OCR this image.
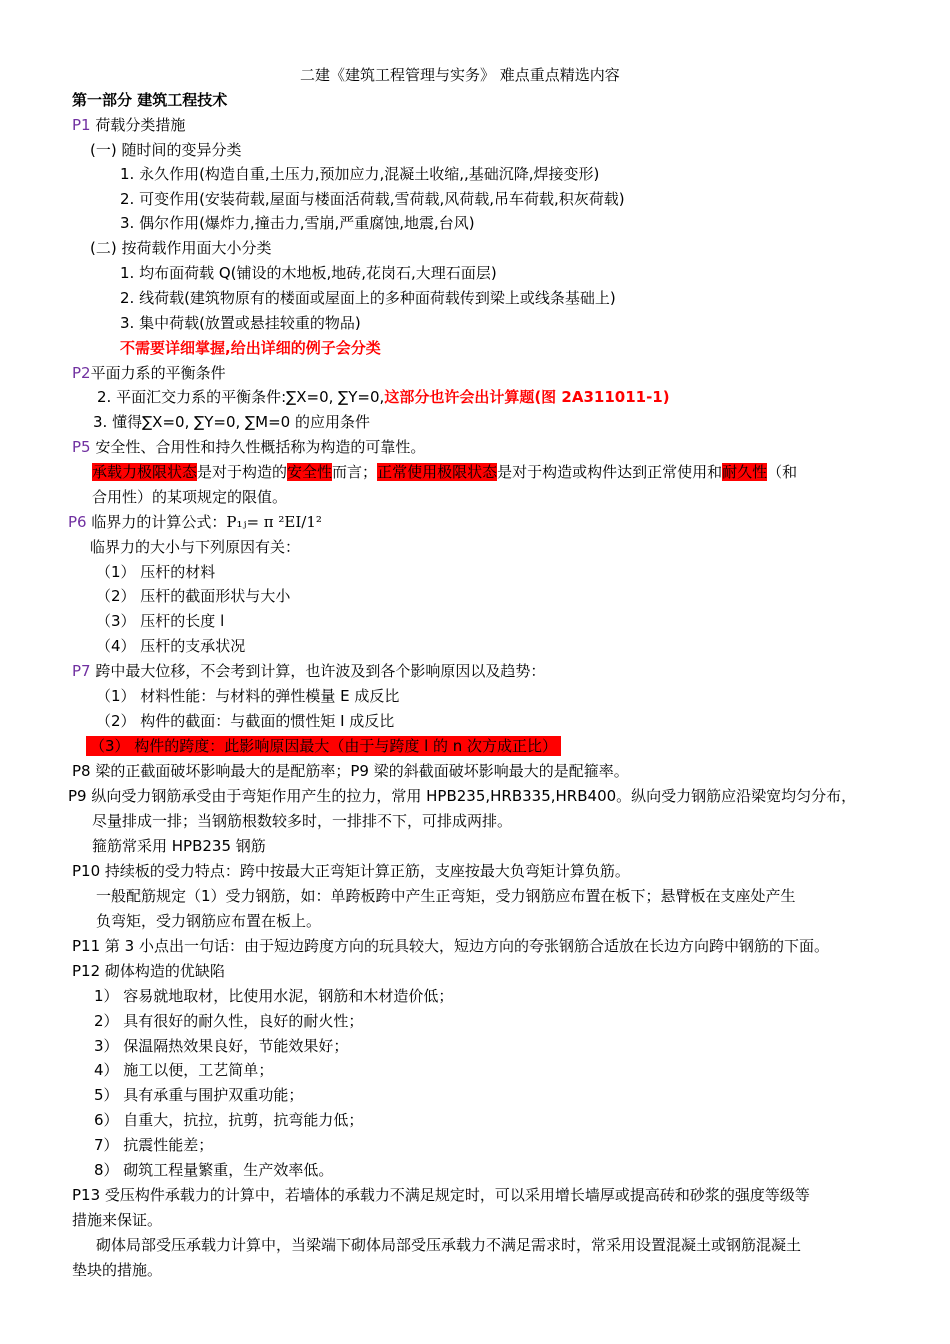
二建《建筑工程管理与实务》 难点重点精选内容
第一部分 建筑工程技术
P1 荷载分类措施
(一) 随时间的变异分类
1. 永久作用(构造自重,土压力,预加应力,混凝土收缩,,基础沉降,焊接变形)
2. 可变作用(安装荷载,屋面与楼面活荷载,雪荷载,风荷载,吊车荷载,积灰荷载)
3. 偶尔作用(爆炸力,撞击力,雪崩,严重腐蚀,地震,台风)
(二) 按荷载作用面大小分类
1. 均布面荷载 Q(铺设的木地板,地砖,花岗石,大理石面层)
2. 线荷载(建筑物原有的楼面或屋面上的多种面荷载传到梁上或线条基础上)
3. 集中荷载(放置或悬挂较重的物品)
不需要详细掌握,给出详细的例子会分类
P2平面力系的平衡条件
2. 平面汇交力系的平衡条件:∑X=0, ∑Y=0,这部分也许会出计算题(图 2A311011-1)
3. 懂得∑X=0, ∑Y=0, ∑M=0 的应用条件
P5 安全性、合用性和持久性概括称为构造的可靠性。
承载力极限状态是对于构造的安全性而言；正常使用极限状态是对于构造或构件达到正常使用和耐久性（和
合用性）的某项规定的限值。
P6 临界力的计算公式：P₁ⱼ= π ²EI/1²
临界力的大小与下列原因有关：
（1） 压杆的材料
（2） 压杆的截面形状与大小
（3） 压杆的长度 l
（4） 压杆的支承状况
P7 跨中最大位移，不会考到计算，也许波及到各个影响原因以及趋势：
（1） 材料性能：与材料的弹性模量 E 成反比
（2） 构件的截面：与截面的惯性矩 I 成反比
（3） 构件的跨度：此影响原因最大（由于与跨度 l 的 n 次方成正比）
P8 梁的正截面破坏影响最大的是配筋率；P9 梁的斜截面破坏影响最大的是配箍率。
P9 纵向受力钢筋承受由于弯矩作用产生的拉力，常用 HPB235,HRB335,HRB400。纵向受力钢筋应沿梁宽均匀分布，
尽量排成一排；当钢筋根数较多时，一排排不下，可排成两排。
箍筋常采用 HPB235 钢筋
P10 持续板的受力特点：跨中按最大正弯矩计算正筋，支座按最大负弯矩计算负筋。
一般配筋规定（1）受力钢筋，如：单跨板跨中产生正弯矩，受力钢筋应布置在板下；悬臂板在支座处产生
负弯矩，受力钢筋应布置在板上。
P11 第 3 小点出一句话：由于短边跨度方向的玩具较大，短边方向的夸张钢筋合适放在长边方向跨中钢筋的下面。
P12 砌体构造的优缺陷
1） 容易就地取材，比使用水泥，钢筋和木材造价低；
2） 具有很好的耐久性，良好的耐火性；
3） 保温隔热效果良好，节能效果好；
4） 施工以便，工艺简单；
5） 具有承重与围护双重功能；
6） 自重大，抗拉，抗剪，抗弯能力低；
7） 抗震性能差；
8） 砌筑工程量繁重，生产效率低。
P13 受压构件承载力的计算中，若墙体的承载力不满足规定时，可以采用增长墙厚或提高砖和砂浆的强度等级等
措施来保证。
砌体局部受压承载力计算中，当梁端下砌体局部受压承载力不满足需求时，常采用设置混凝土或钢筋混凝土
垫块的措施。
